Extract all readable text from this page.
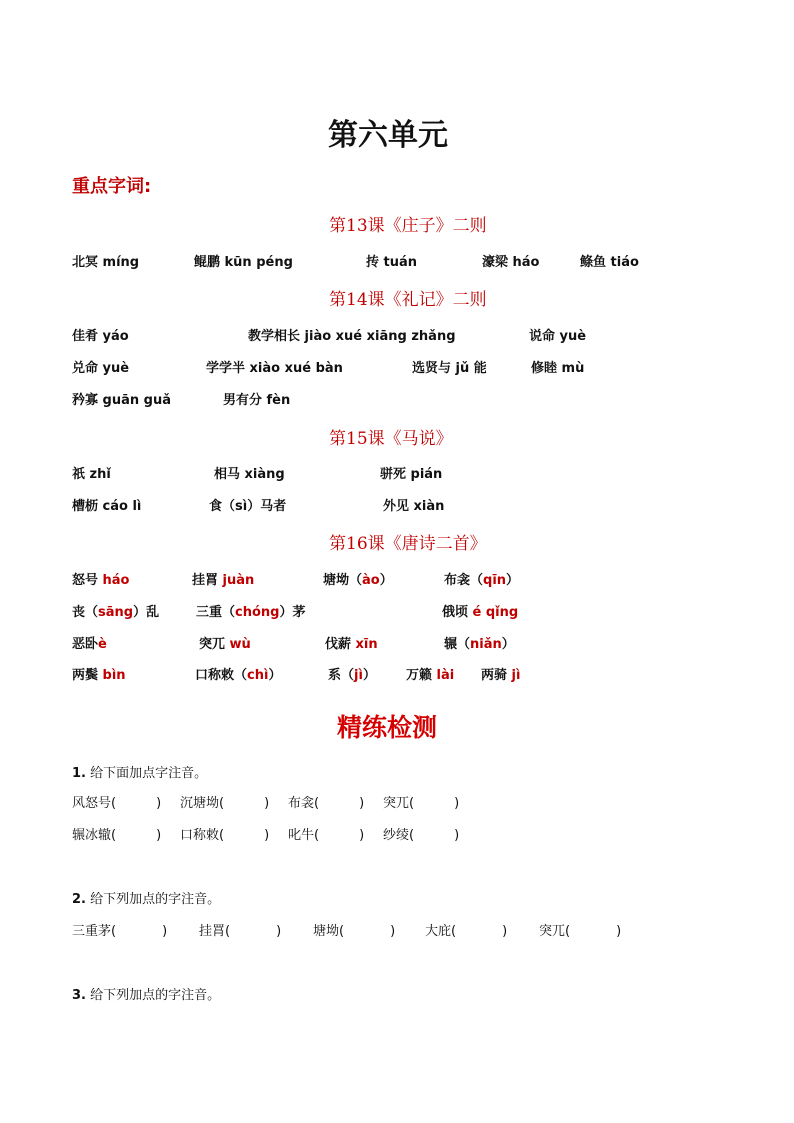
第六单元
重点字词:
第13课《庄子》二则
北冥 míng	鲲鹏 kūn péng	抟 tuán	濠梁 háo	鲦鱼 tiáo
第14课《礼记》二则
佳肴 yáo	教学相长 jiào xué xiāng zhǎng	说命 yuè
兑命 yuè	学学半 xiào xué bàn	选贤与 jǔ 能	修睦 mù
矜寡 guān guǎ	男有分 fèn
第15课《马说》
祇 zhǐ	相马 xiàng	骈死 pián
槽枥 cáo lì	食（sì）马者	外见 xiàn
第16课《唐诗二首》
怒号 háo	挂罥 juàn	塘坳（ào）	布衾（qīn）
丧（sāng）乱	三重（chóng）茅	俄顷 é qǐng
恶卧è	突兀 wù	伐薪 xīn	辗（niǎn）
两鬓 bìn	口称敕（chì）	系（jì） 万籁 lài 两骑 jì
精练检测
1. 给下面加点字注音。
风怒号(	) 沉塘坳(	) 布衾(	) 突兀(	)
辗冰辙(	) 口称敕(	) 叱牛(	) 纱绫(	)
2. 给下列加点的字注音。
三重茅(	) 挂罥(	) 塘坳(	) 大庇(	) 突兀(	)
3. 给下列加点的字注音。
